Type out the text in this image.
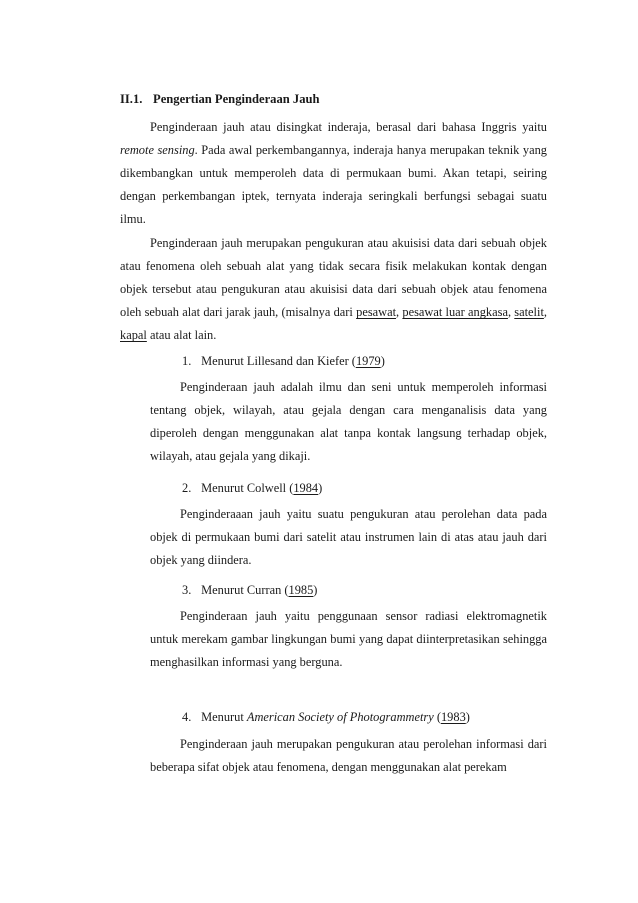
II.1. Pengertian Penginderaan Jauh

Penginderaan jauh atau disingkat inderaja, berasal dari bahasa Inggris yaitu remote sensing. Pada awal perkembangannya, inderaja hanya merupakan teknik yang dikembangkan untuk memperoleh data di permukaan bumi. Akan tetapi, seiring dengan perkembangan iptek, ternyata inderaja seringkali berfungsi sebagai suatu ilmu.

Penginderaan jauh merupakan pengukuran atau akuisisi data dari sebuah objek atau fenomena oleh sebuah alat yang tidak secara fisik melakukan kontak dengan objek tersebut atau pengukuran atau akuisisi data dari sebuah objek atau fenomena oleh sebuah alat dari jarak jauh, (misalnya dari pesawat, pesawat luar angkasa, satelit, kapal atau alat lain.

1. Menurut Lillesand dan Kiefer (1979)

Penginderaan jauh adalah ilmu dan seni untuk memperoleh informasi tentang objek, wilayah, atau gejala dengan cara menganalisis data yang diperoleh dengan menggunakan alat tanpa kontak langsung terhadap objek, wilayah, atau gejala yang dikaji.

2. Menurut Colwell (1984)

Penginderaaan jauh yaitu suatu pengukuran atau perolehan data pada objek di permukaan bumi dari satelit atau instrumen lain di atas atau jauh dari objek yang diindera.

3. Menurut Curran (1985)

Penginderaan jauh yaitu penggunaan sensor radiasi elektromagnetik untuk merekam gambar lingkungan bumi yang dapat diinterpretasikan sehingga menghasilkan informasi yang berguna.

4. Menurut American Society of Photogrammetry (1983)

Penginderaan jauh merupakan pengukuran atau perolehan informasi dari beberapa sifat objek atau fenomena, dengan menggunakan alat perekam
